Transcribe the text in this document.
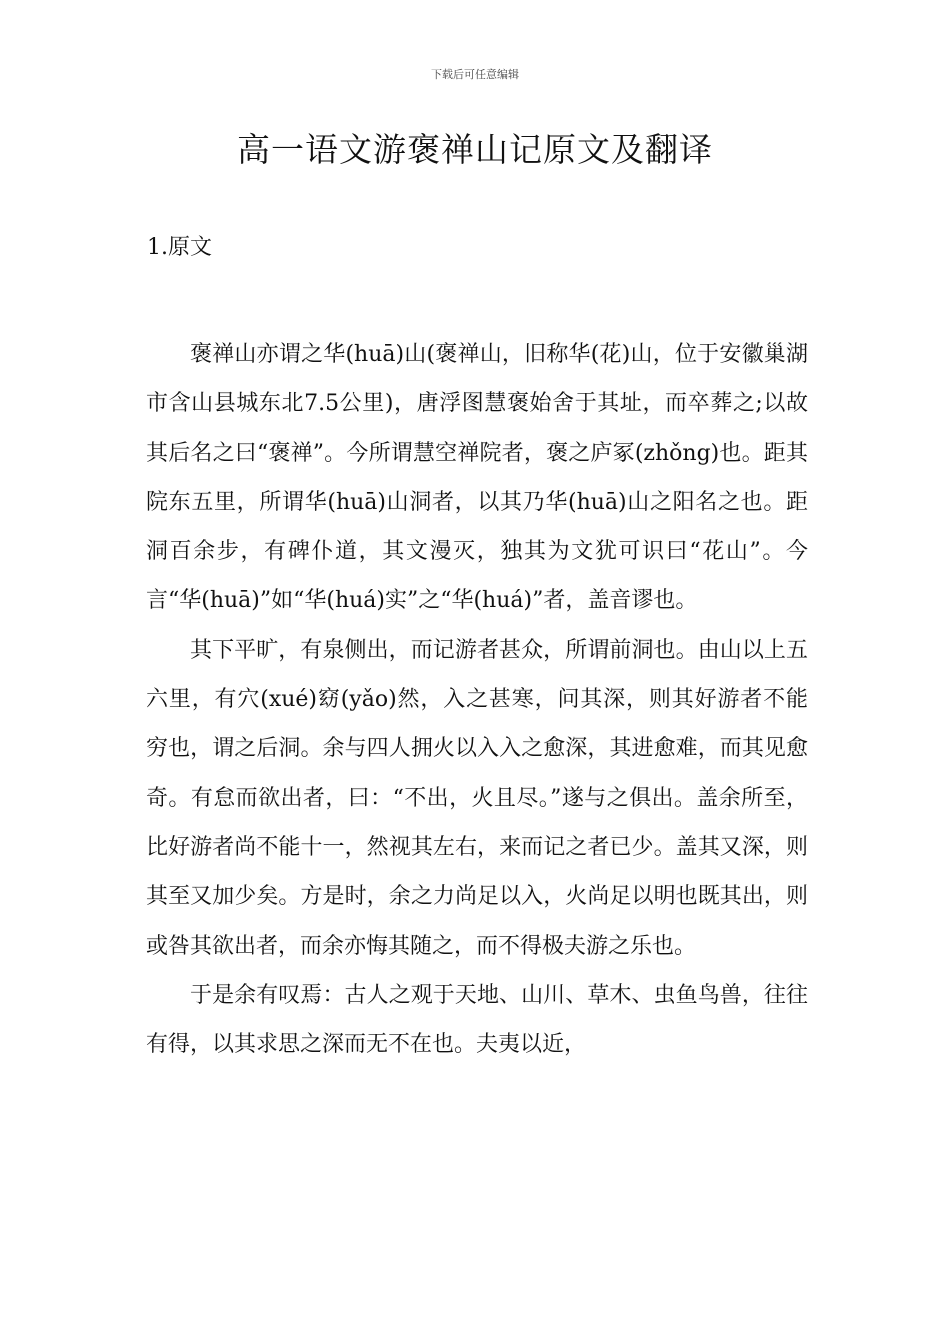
下载后可任意编辑
高一语文游褒禅山记原文及翻译
1.原文

褒禅山亦谓之华(huā)山(褒禅山，旧称华(花)山，位于安徽巢湖市含山县城东北7.5公里)，唐浮图慧褒始舍于其址，而卒葬之;以故其后名之曰“褒禅”。今所谓慧空禅院者，褒之庐冢(zhǒng)也。距其院东五里，所谓华(huā)山洞者，以其乃华(huā)山之阳名之也。距洞百余步，有碑仆道，其文漫灭，独其为文犹可识曰“花山”。今言“华(huā)”如“华(huá)实”之“华(huá)”者，盖音谬也。

其下平旷，有泉侧出，而记游者甚众，所谓前洞也。由山以上五六里，有穴(xué)窈(yǎo)然，入之甚寒，问其深，则其好游者不能穷也，谓之后洞。余与四人拥火以入入之愈深，其进愈难，而其见愈奇。有怠而欲出者，曰：“不出，火且尽。”遂与之俱出。盖余所至，比好游者尚不能十一，然视其左右，来而记之者已少。盖其又深，则其至又加少矣。方是时，余之力尚足以入，火尚足以明也既其出，则或咎其欲出者，而余亦悔其随之，而不得极夫游之乐也。

于是余有叹焉：古人之观于天地、山川、草木、虫鱼鸟兽，往往有得，以其求思之深而无不在也。夫夷以近，
